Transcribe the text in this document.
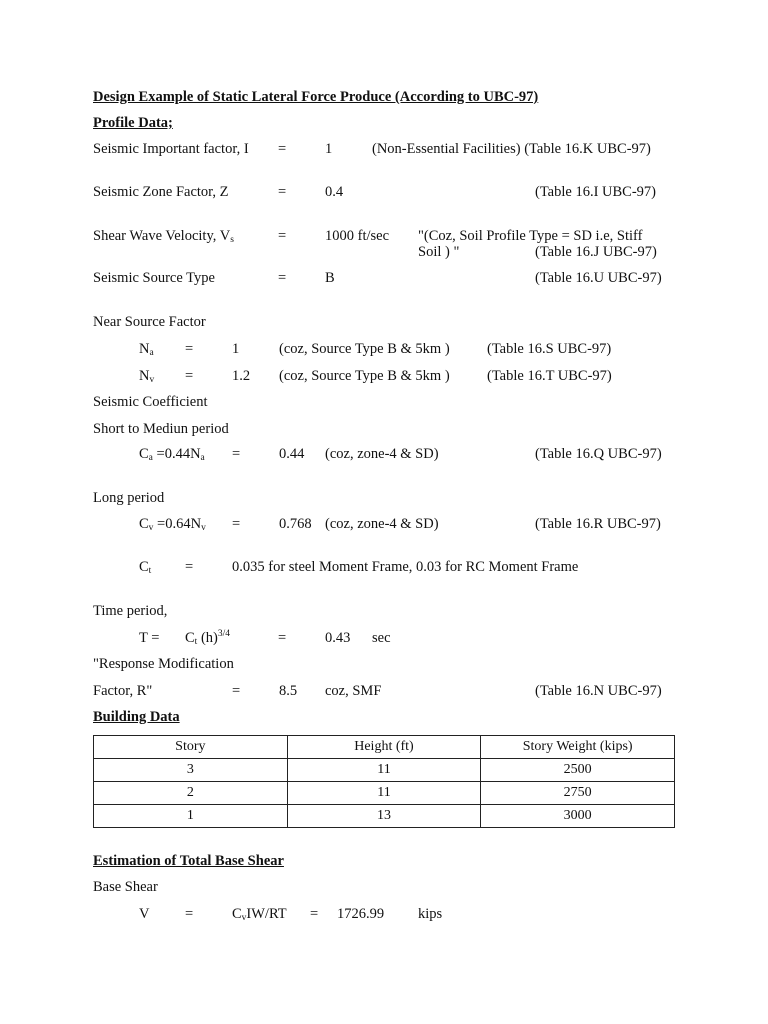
Design Example of Static Lateral Force Produce (According to UBC-97)
Profile Data;
Seismic Important factor, I =	1	(Non-Essential Facilities) (Table 16.K UBC-97)
Seismic Zone Factor, Z	=	0.4	(Table 16.I UBC-97)
Shear Wave Velocity, $V_s$	=	1000 ft/sec "(Coz, Soil Profile Type = SD i.e, Stiff
Soil ) "	(Table 16.J UBC-97)
Seismic Source Type	=	B	(Table 16.U UBC-97)
Near Source Factor
$N_a$ =	1	(coz, Source Type B & 5km )	(Table 16.S UBC-97)
$N_v$ =	1.2 (coz, Source Type B & 5km )	(Table 16.T UBC-97)
Seismic Coefficient
Short to Mediun period
$C_a =0.44N_a$ =	0.44 (coz, zone-4 & SD)	(Table 16.Q UBC-97)
Long period
$C_v =0.64N_v$ =	0.768 (coz, zone-4 & SD)	(Table 16.R UBC-97)
$C_t$ =	0.035 for steel Moment Frame, 0.03 for RC Moment Frame
Time period,
$T = C_t$ $(h)^{3/4}$	=	0.43 sec
"Response Modification
Factor, R"	=	8.5 coz, SMF	(Table 16.N UBC-97)
Building Data
Story	Height (ft)	Story Weight (kips)
3	11	2500
2	11	2750
1	13	3000
Estimation of Total Base Shear
Base Shear
V =	$C_vIW/RT = 1726.99$ kips
